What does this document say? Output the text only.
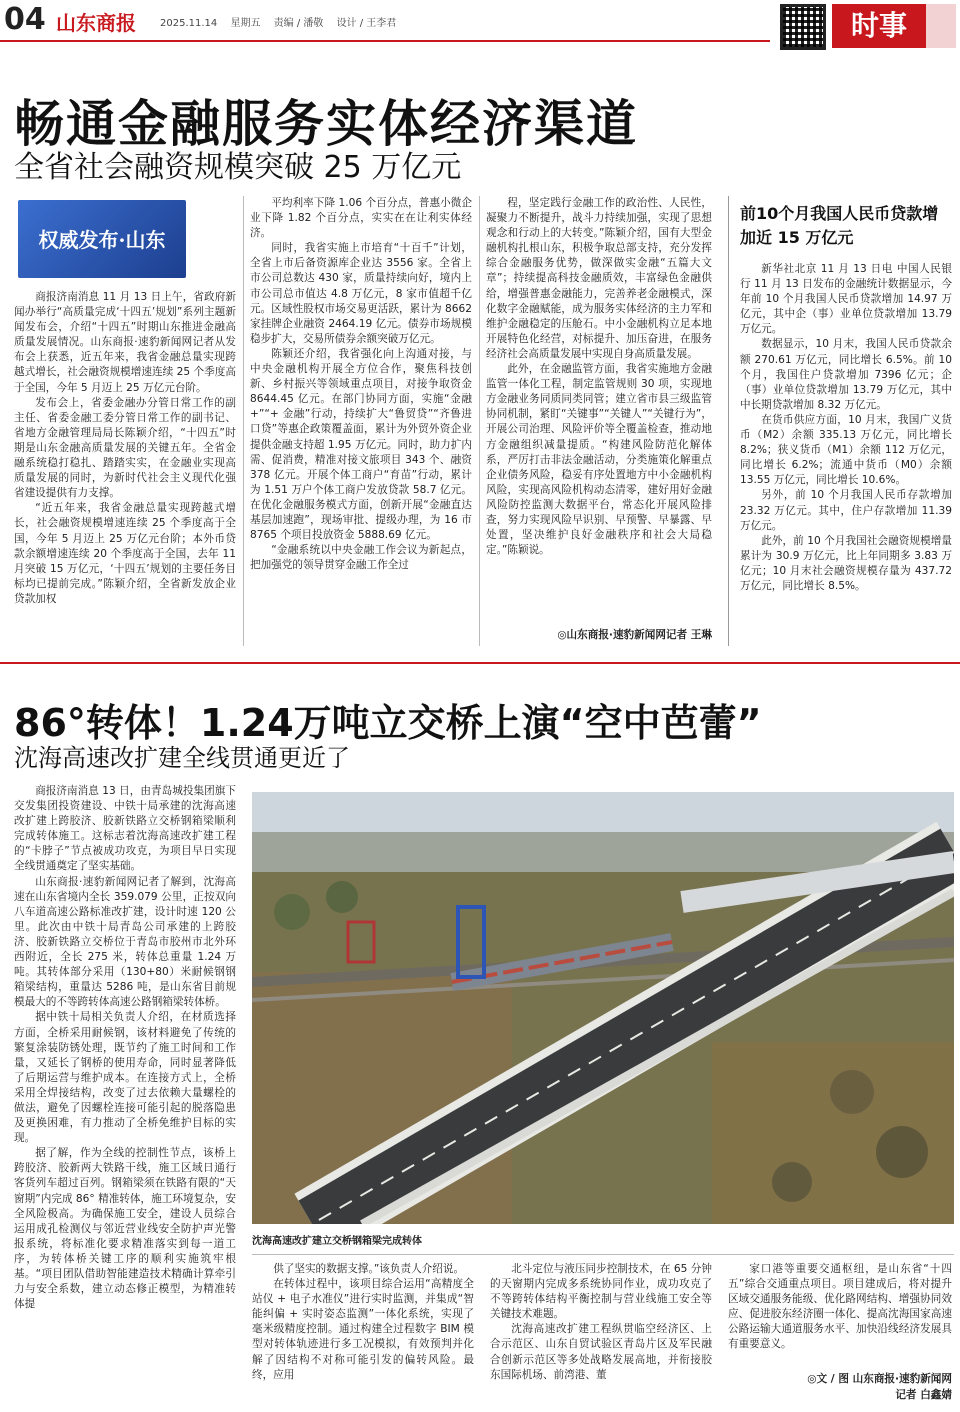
04 山东商报 2025.11.14 星期五 责编 / 潘敬 设计 / 王李君	时事
畅通金融服务实体经济渠道
全省社会融资规模突破 25 万亿元
权威发布·山东

商报济南消息 11 月 13 日上午，省政府新闻办举行“高质量完成‘十四五’规划”系列主题新闻发布会，介绍“十四五”时期山东推进金融高质量发展情况。山东商报·速豹新闻网记者从发布会上获悉，近五年来，我省金融总量实现跨越式增长，社会融资规模增速连续 25 个季度高于全国，今年 5 月迈上 25 万亿元台阶。

发布会上，省委金融办分管日常工作的副主任、省委金融工委分管日常工作的副书记、省地方金融管理局局长陈颖介绍，“十四五”时期是山东金融高质量发展的关键五年。全省金融系统稳打稳扎、踏踏实实，在金融业实现高质量发展的同时，为新时代社会主义现代化强省建设提供有力支撑。

“近五年来，我省金融总量实现跨越式增长，社会融资规模增速连续 25 个季度高于全国，今年 5 月迈上 25 万亿元台阶；本外币贷款余额增速连续 20 个季度高于全国，去年 11 月突破 15 万亿元，‘十四五’规划的主要任务目标均已提前完成。”陈颖介绍，全省新发放企业贷款加权

平均利率下降 1.06 个百分点，普惠小微企业下降 1.82 个百分点，实实在在让利实体经济。

同时，我省实施上市培育“十百千”计划，全省上市后备资源库企业达 3556 家。全省上市公司总数达 430 家，质量持续向好，境内上市公司总市值达 4.8 万亿元，8 家市值超千亿元。区域性股权市场交易更活跃，累计为 8662 家挂牌企业融资 2464.19 亿元。债券市场规模稳步扩大，交易所债券余额突破万亿元。

陈颖还介绍，我省强化向上沟通对接，与中央金融机构开展全方位合作，聚焦科技创新、乡村振兴等领域重点项目，对接争取资金 8644.45 亿元。在部门协同方面，实施“金融 +”“+ 金融”行动，持续扩大“鲁贸贷”“齐鲁进口贷”等惠企政策覆盖面，累计为外贸外资企业提供金融支持超 1.95 万亿元。同时，助力扩内需、促消费，精准对接文旅项目 343 个、融资 378 亿元。开展个体工商户“育苗”行动，累计为 1.51 万户个体工商户发放贷款 58.7 亿元。在优化金融服务模式方面，创新开展“金融直达基层加速跑”，现场审批、提级办理，为 16 市 8765 个项目投放资金 5888.69 亿元。

“金融系统以中央金融工作会议为新起点，把加强党的领导贯穿金融工作全过

程，坚定践行金融工作的政治性、人民性，凝聚力不断提升，战斗力持续加强，实现了思想观念和行动上的大转变。”陈颖介绍，国有大型金融机构扎根山东，积极争取总部支持，充分发挥综合金融服务优势，做深做实金融“五篇大文章”；持续提高科技金融质效，丰富绿色金融供给，增强普惠金融能力，完善养老金融模式，深化数字金融赋能，成为服务实体经济的主力军和维护金融稳定的压舱石。中小金融机构立足本地开展特色化经营，对标提升、加压奋进，在服务经济社会高质量发展中实现自身高质量发展。

此外，在金融监管方面，我省实施地方金融监管一体化工程，制定监管规则 30 项，实现地方金融业务同质同类同管；建立省市县三级监管协同机制，紧盯“关键事”“关键人”“关键行为”，开展公司治理、风险评价等全覆盖检查，推动地方金融组织减量提质。“构建风险防范化解体系，严厉打击非法金融活动，分类施策化解重点企业债务风险，稳妥有序处置地方中小金融机构风险，实现高风险机构动态清零，建好用好金融风险防控监测大数据平台，常态化开展风险排查，努力实现风险早识别、早预警、早暴露、早处置，坚决维护良好金融秩序和社会大局稳定。”陈颖说。

◎山东商报·速豹新闻网记者 王琳
前10个月我国人民币贷款增加近 15 万亿元

新华社北京 11 月 13 日电 中国人民银行 11 月 13 日发布的金融统计数据显示，今年前 10 个月我国人民币贷款增加 14.97 万亿元，其中企（事）业单位贷款增加 13.79 万亿元。

数据显示，10 月末，我国人民币贷款余额 270.61 万亿元，同比增长 6.5%。前 10 个月，我国住户贷款增加 7396 亿元；企（事）业单位贷款增加 13.79 万亿元，其中中长期贷款增加 8.32 万亿元。

在货币供应方面，10 月末，我国广义货币（M2）余额 335.13 万亿元，同比增长 8.2%；狭义货币（M1）余额 112 万亿元，同比增长 6.2%；流通中货币（M0）余额 13.55 万亿元，同比增长 10.6%。

另外，前 10 个月我国人民币存款增加 23.32 万亿元。其中，住户存款增加 11.39 万亿元。

此外，前 10 个月我国社会融资规模增量累计为 30.9 万亿元，比上年同期多 3.83 万亿元；10 月末社会融资规模存量为 437.72 万亿元，同比增长 8.5%。

86°转体！1.24万吨立交桥上演“空中芭蕾”
沈海高速改扩建全线贯通更近了

商报济南消息 13 日，由青岛城投集团旗下交发集团投资建设、中铁十局承建的沈海高速改扩建上跨胶济、胶新铁路立交桥钢箱梁顺利完成转体施工。这标志着沈海高速改扩建工程的“卡脖子”节点被成功攻克，为项目早日实现全线贯通奠定了坚实基础。

山东商报·速豹新闻网记者了解到，沈海高速在山东省境内全长 359.079 公里，正按双向八车道高速公路标准改扩建，设计时速 120 公里。此次由中铁十局青岛公司承建的上跨胶济、胶新铁路立交桥位于青岛市胶州市北外环西附近，全长 275 米，转体总重量 1.24 万吨。其转体部分采用（130+80）米耐候钢钢箱梁结构，重量达 5286 吨，是山东省目前规模最大的不等跨转体高速公路钢箱梁转体桥。

据中铁十局相关负责人介绍，在材质选择方面，全桥采用耐候钢，该材料避免了传统的繁复涂装防锈处理，既节约了施工时间和工作量，又延长了钢桥的使用寿命，同时显著降低了后期运营与维护成本。在连接方式上，全桥采用全焊接结构，改变了过去依赖大量螺栓的做法，避免了因螺栓连接可能引起的脱落隐患及更换困难，有力推动了全桥免维护目标的实现。

据了解，作为全线的控制性节点，该桥上跨胶济、胶新两大铁路干线，施工区域日通行客货列车超过百列。钢箱梁须在铁路有限的“天窗期”内完成 86° 精准转体，施工环境复杂，安全风险极高。为确保施工安全，建设人员综合运用成孔检测仪与邻近营业线安全防护声光警报系统，将标准化要求精准落实到每一道工序，为转体桥关键工序的顺利实施筑牢根基。“项目团队借助智能建造技术精确计算牵引力与安全系数，建立动态修正模型，为精准转体提

沈海高速改扩建立交桥钢箱梁完成转体

供了坚实的数据支撑。”该负责人介绍说。

在转体过程中，该项目综合运用“高精度全站仪 + 电子水准仪”进行实时监测，并集成“智能纠偏 + 实时姿态监测”一体化系统，实现了毫米级精度控制。通过构建全过程数字 BIM 模型对转体轨迹进行多工况模拟，有效预判并化解了因结构不对称可能引发的偏转风险。最终，应用

北斗定位与液压同步控制技术，在 65 分钟的天窗期内完成多系统协同作业，成功攻克了不等跨转体结构平衡控制与营业线施工安全等关键技术难题。

沈海高速改扩建工程纵贯临空经济区、上合示范区、山东自贸试验区青岛片区及军民融合创新示范区等多处战略发展高地，并衔接胶东国际机场、前湾港、董

家口港等重要交通枢纽，是山东省“十四五”综合交通重点项目。项目建成后，将对提升区域交通服务能级、优化路网结构、增强协同效应、促进胶东经济圈一体化、提高沈海国家高速公路运输大通道服务水平、加快沿线经济发展具有重要意义。

◎文 / 图 山东商报·速豹新闻网
记者 白鑫婧
